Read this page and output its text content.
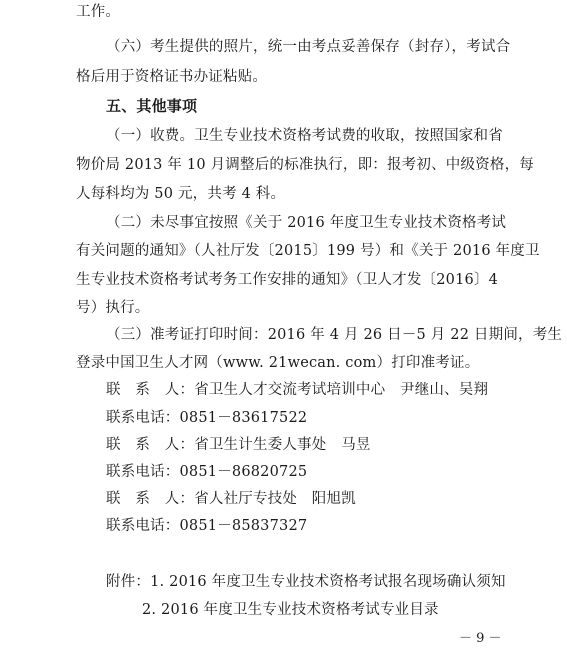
工作。
（六）考生提供的照片，统一由考点妥善保存（封存），考试合
格后用于资格证书办证粘贴。
五、其他事项
（一）收费。卫生专业技术资格考试费的收取，按照国家和省
物价局 2013 年 10 月调整后的标准执行，即：报考初、中级资格，每
人每科均为 50 元，共考 4 科。
（二）未尽事宜按照《关于 2016 年度卫生专业技术资格考试
有关问题的通知》（人社厅发〔2015〕199 号）和《关于 2016 年度卫
生专业技术资格考试考务工作安排的通知》（卫人才发〔2016〕4
号）执行。
（三）准考证打印时间：2016 年 4 月 26 日－5 月 22 日期间，考生
登录中国卫生人才网（www. 21wecan. com）打印准考证。
联　系　人：省卫生人才交流考试培训中心　尹继山、吴翔
联系电话：0851－83617522
联　系　人：省卫生计生委人事处　马昱
联系电话：0851－86820725
联　系　人：省人社厅专技处　阳旭凯
联系电话：0851－85837327
附件：1. 2016 年度卫生专业技术资格考试报名现场确认须知
2. 2016 年度卫生专业技术资格考试专业目录
－ 9 －
